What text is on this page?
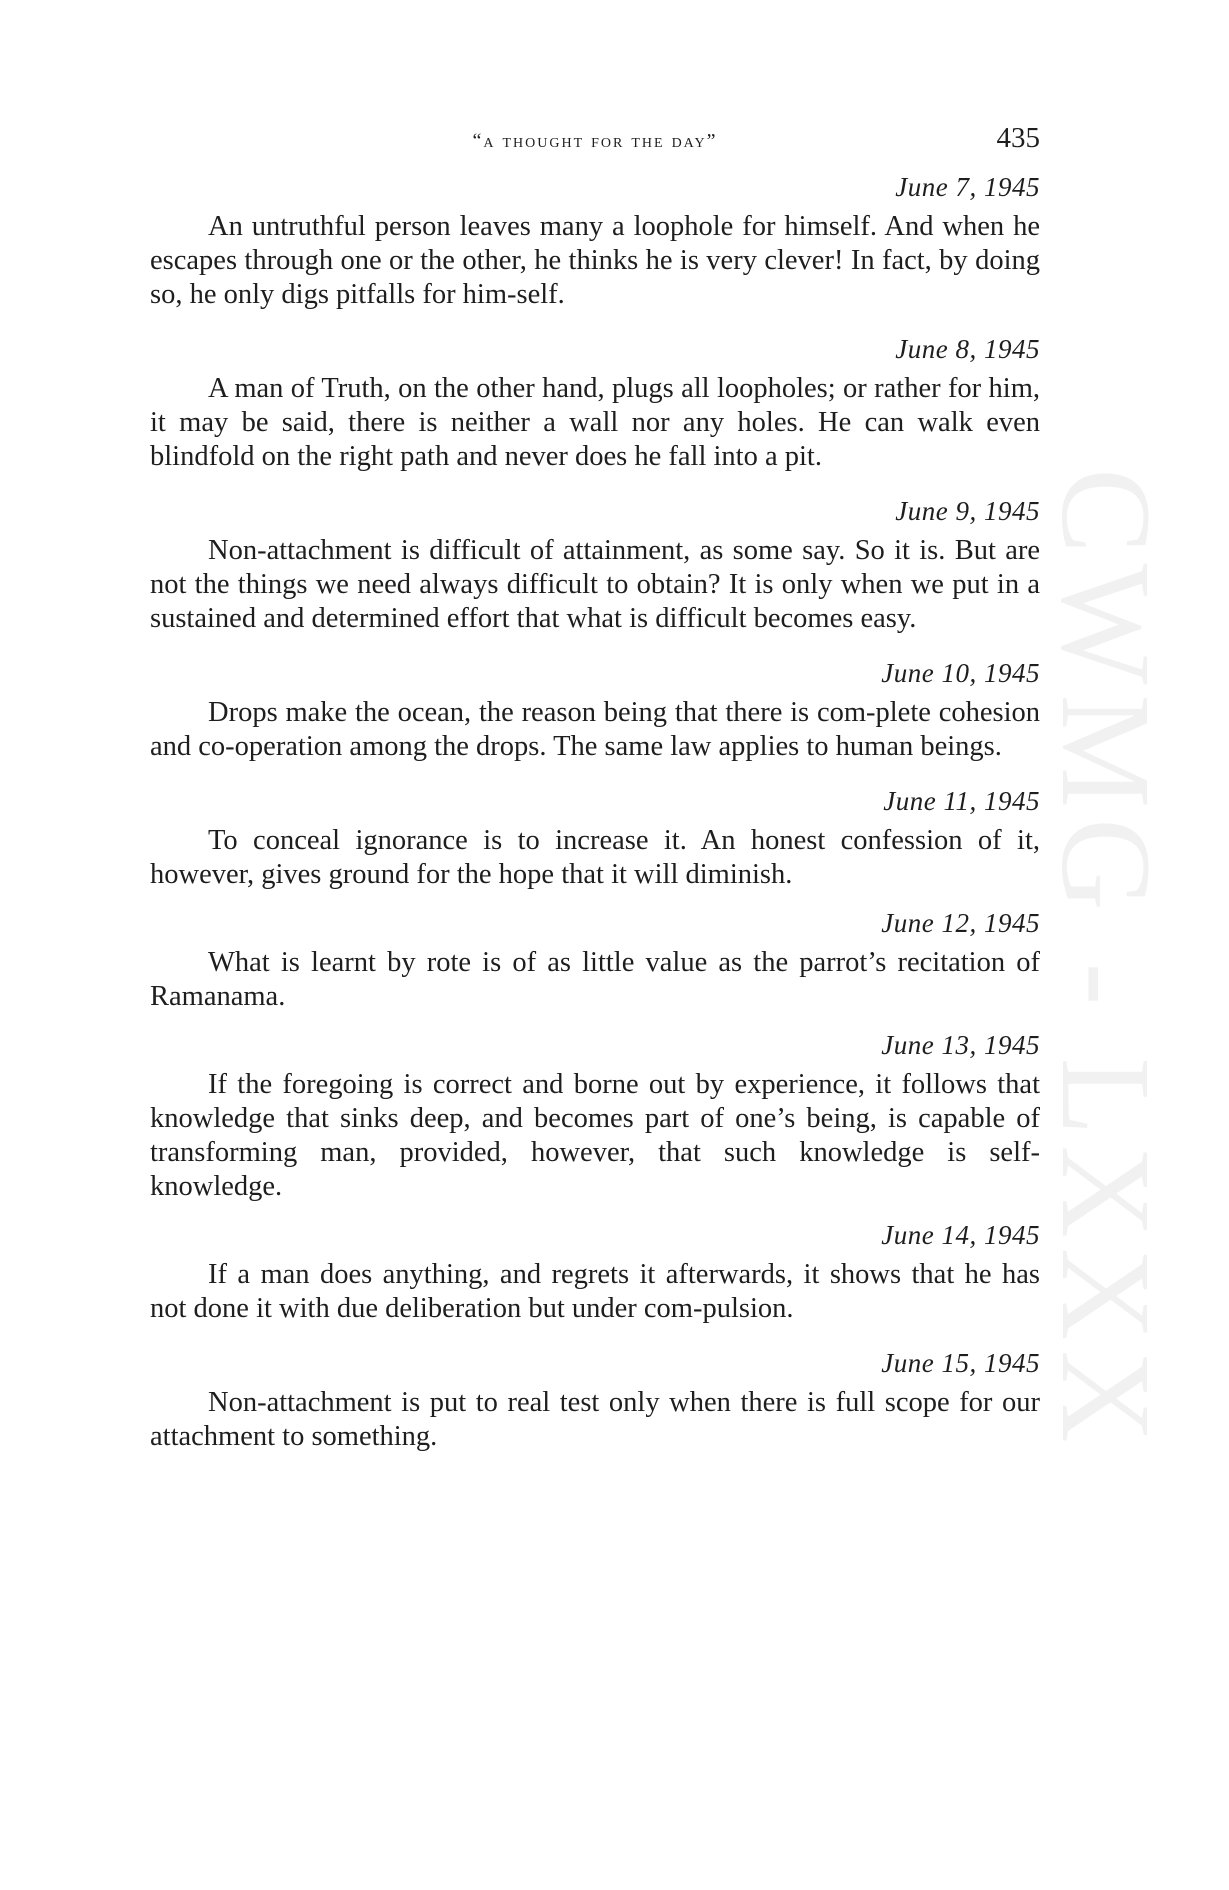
CWMG - LXXX
“a thought for the day”	435

June 7, 1945

An untruthful person leaves many a loophole for himself. And when he escapes through one or the other, he thinks he is very clever! In fact, by doing so, he only digs pitfalls for him-self.

June 8, 1945

A man of Truth, on the other hand, plugs all loopholes; or rather for him, it may be said, there is neither a wall nor any holes. He can walk even blindfold on the right path and never does he fall into a pit.

June 9, 1945

Non-attachment is difficult of attainment, as some say. So it is. But are not the things we need always difficult to obtain? It is only when we put in a sustained and determined effort that what is difficult becomes easy.

June 10, 1945

Drops make the ocean, the reason being that there is com-plete cohesion and co-operation among the drops. The same law applies to human beings.

June 11, 1945

To conceal ignorance is to increase it. An honest confession of it, however, gives ground for the hope that it will diminish.

June 12, 1945

What is learnt by rote is of as little value as the parrot’s recitation of Ramanama.

June 13, 1945

If the foregoing is correct and borne out by experience, it follows that knowledge that sinks deep, and becomes part of one’s being, is capable of transforming man, provided, however, that such knowledge is self-knowledge.

June 14, 1945

If a man does anything, and regrets it afterwards, it shows that he has not done it with due deliberation but under com-pulsion.

June 15, 1945

Non-attachment is put to real test only when there is full scope for our attachment to something.
